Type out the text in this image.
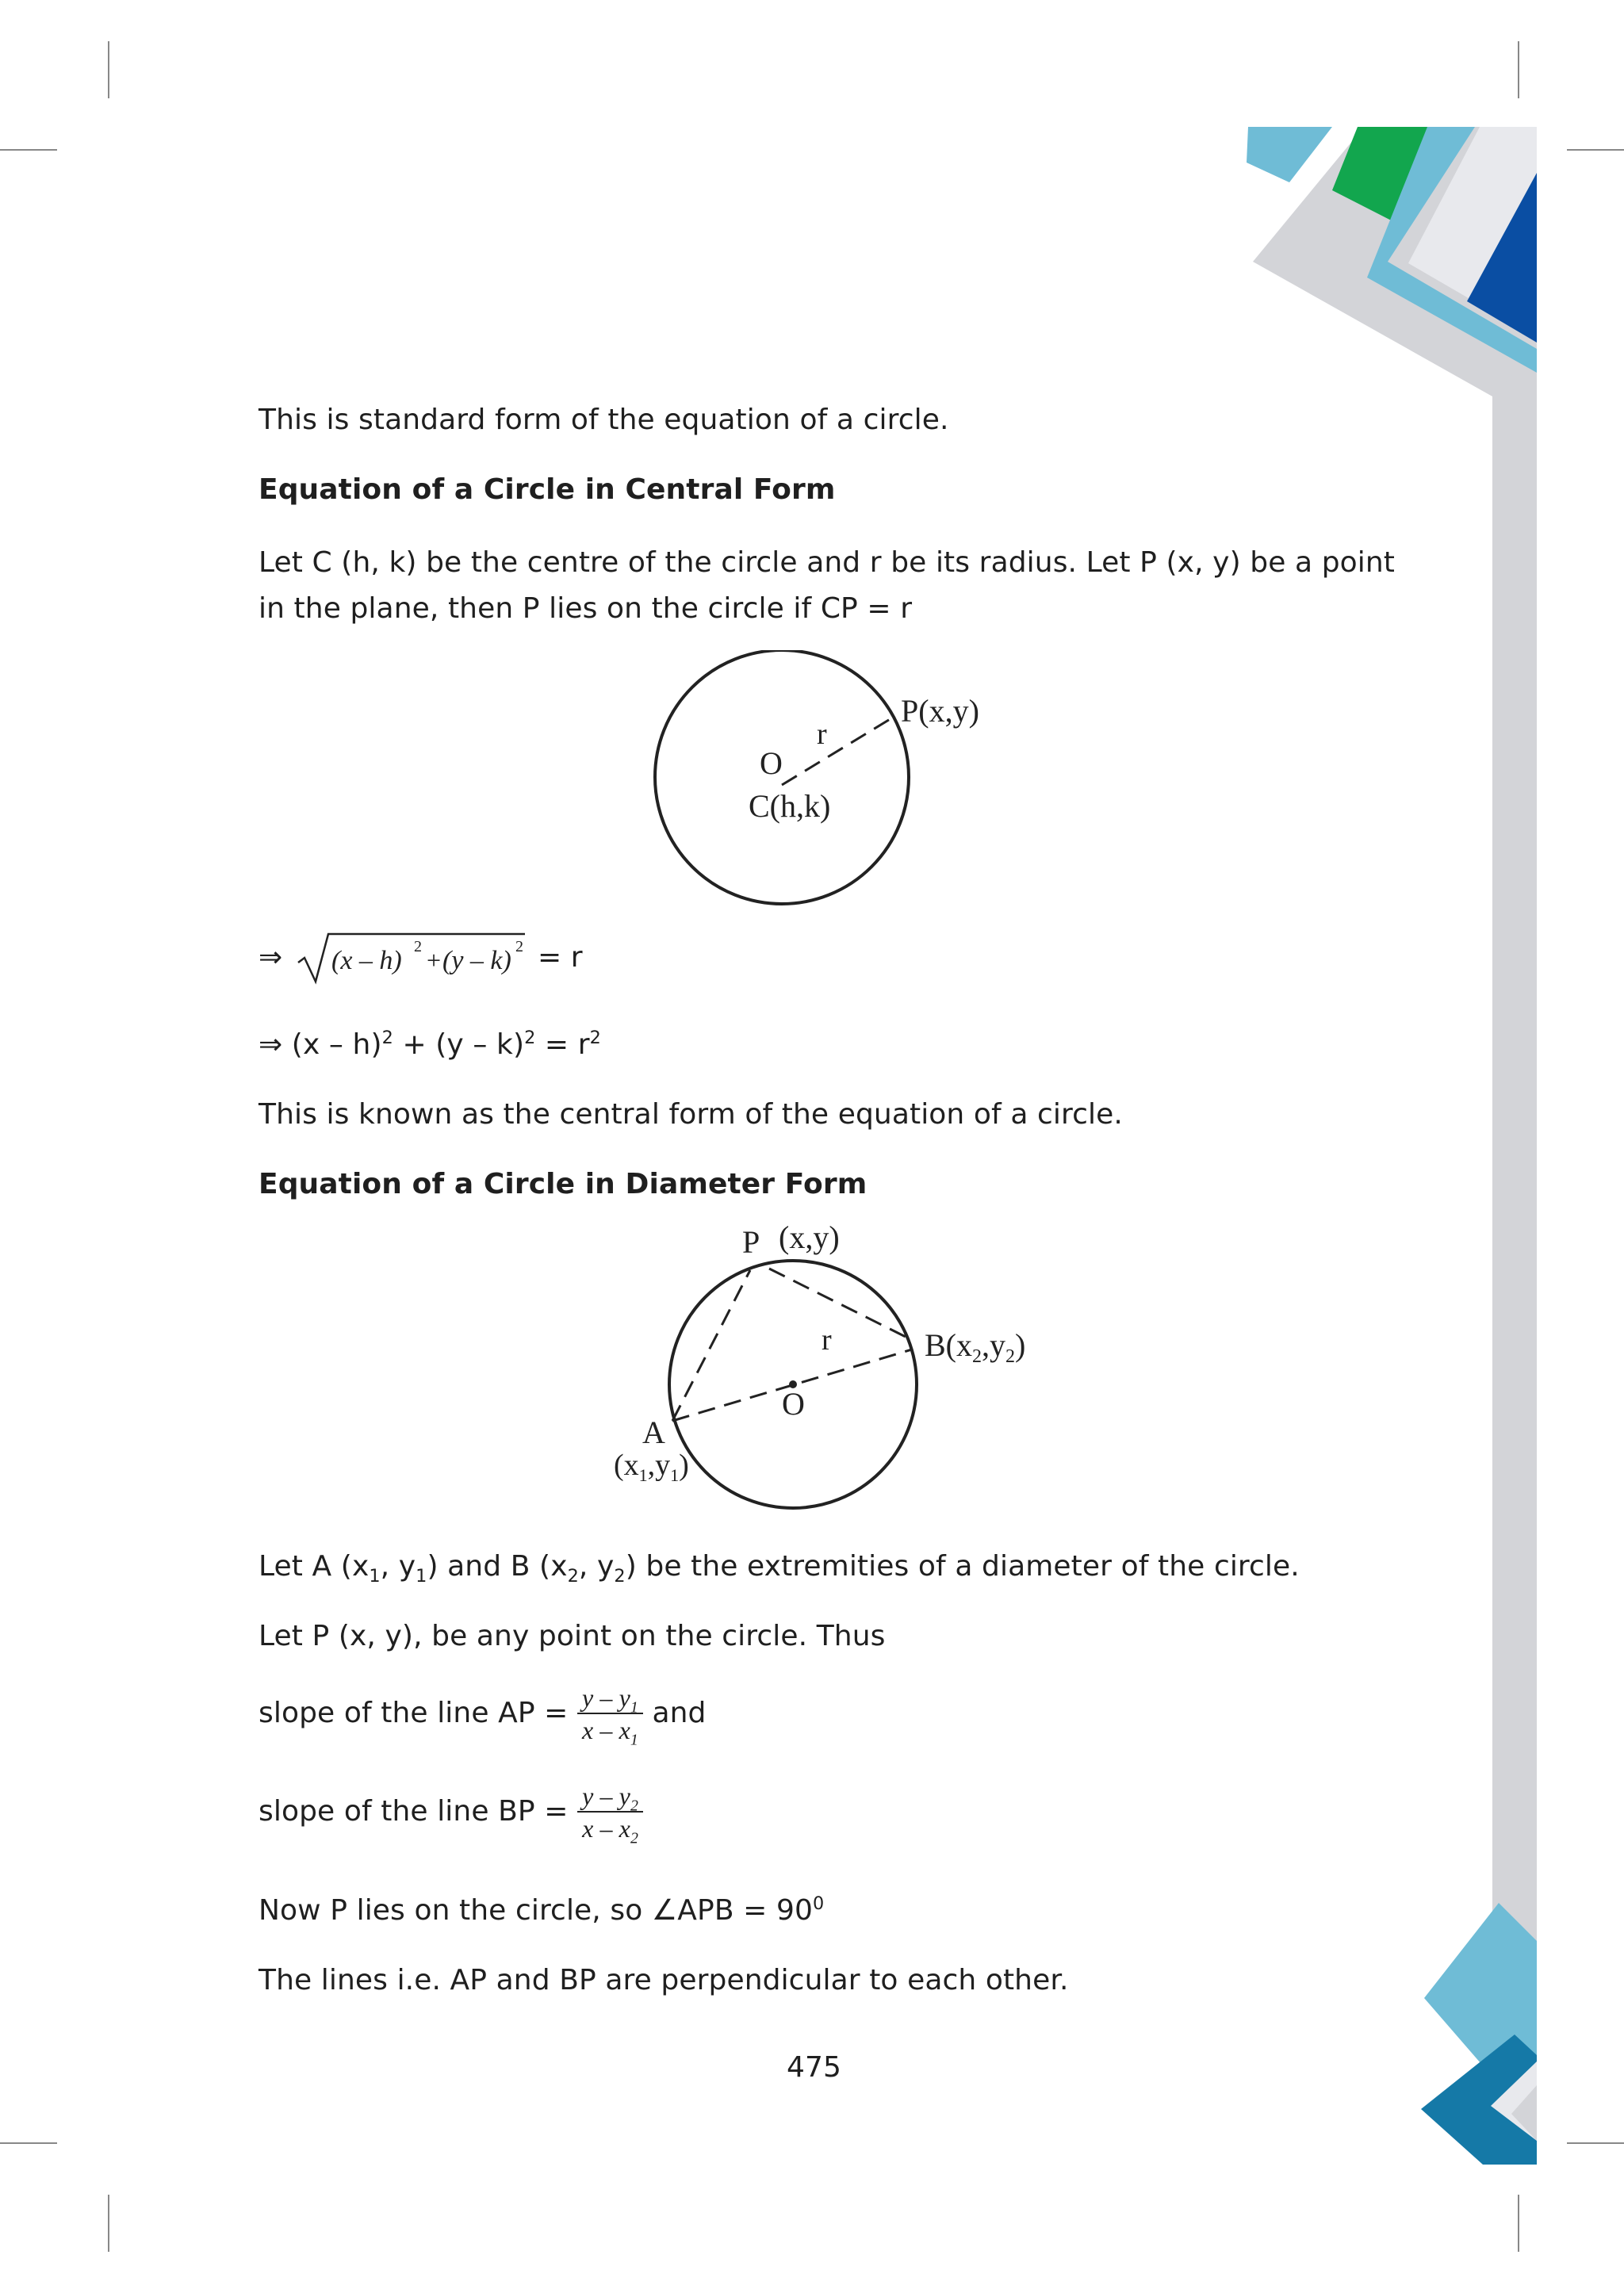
This is standard form of the equation of a circle.
Equation of a Circle in Central Form
Let C (h, k) be the centre of the circle and r be its radius. Let P (x, y) be a point
in the plane, then P lies on the circle if CP = r
P(x,y)
r
O
C(h,k)
⇒ (x – h) 2 + (y – k) 2 = r
⇒ $(x - h)^2 + (y - k)^2 = r^2$
This is known as the central form of the equation of a circle.
Equation of a Circle in Diameter Form
P (x,y)
$B(x_2,y_2)$
r
O
A
$(x_1,y_1)$
Let A ($x_1$, $y_1$) and B ($x_2$, $y_2$) be the extremities of a diameter of the circle.
Let P (x, y), be any point on the circle. Thus
slope of the line AP = $\frac{y - y_1}{x - x_1}$ and
slope of the line BP = $\frac{y - y_2}{x - x_2}$
Now P lies on the circle, so ∠APB = $90^0$
The lines i.e. AP and BP are perpendicular to each other.
475
